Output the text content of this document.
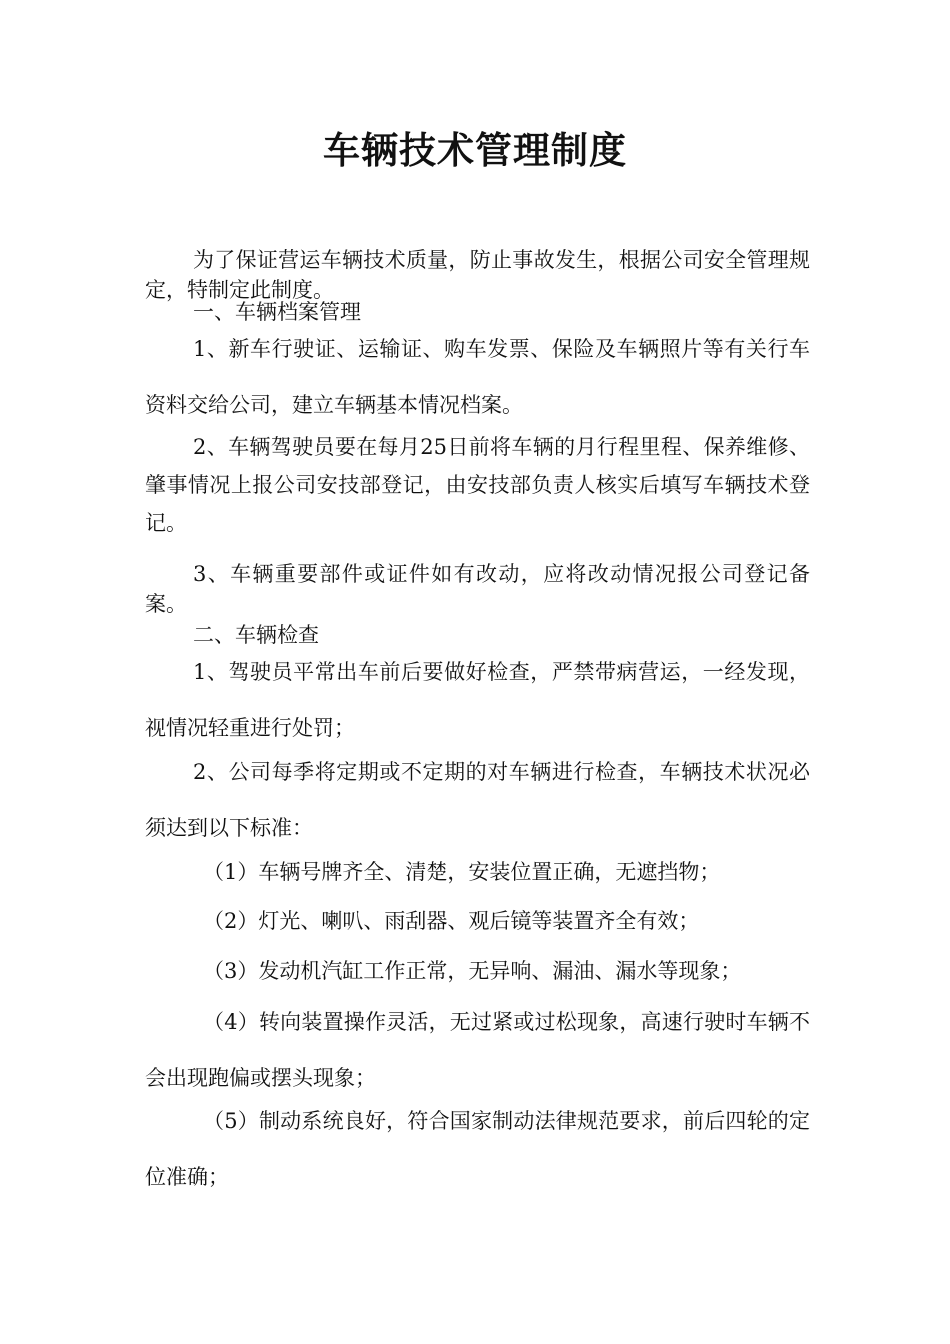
车辆技术管理制度
为了保证营运车辆技术质量，防止事故发生，根据公司安全管理规定，特制定此制度。
一、车辆档案管理
1、新车行驶证、运输证、购车发票、保险及车辆照片等有关行车资料交给公司，建立车辆基本情况档案。
2、车辆驾驶员要在每月25日前将车辆的月行程里程、保养维修、肇事情况上报公司安技部登记，由安技部负责人核实后填写车辆技术登记。
3、车辆重要部件或证件如有改动，应将改动情况报公司登记备案。
二、车辆检查
1、驾驶员平常出车前后要做好检查，严禁带病营运，一经发现，视情况轻重进行处罚；
2、公司每季将定期或不定期的对车辆进行检查，车辆技术状况必须达到以下标准：
（1）车辆号牌齐全、清楚，安装位置正确，无遮挡物；
（2）灯光、喇叭、雨刮器、观后镜等装置齐全有效；
（3）发动机汽缸工作正常，无异响、漏油、漏水等现象；
（4）转向装置操作灵活，无过紧或过松现象，高速行驶时车辆不会出现跑偏或摆头现象；
（5）制动系统良好，符合国家制动法律规范要求，前后四轮的定位准确；
